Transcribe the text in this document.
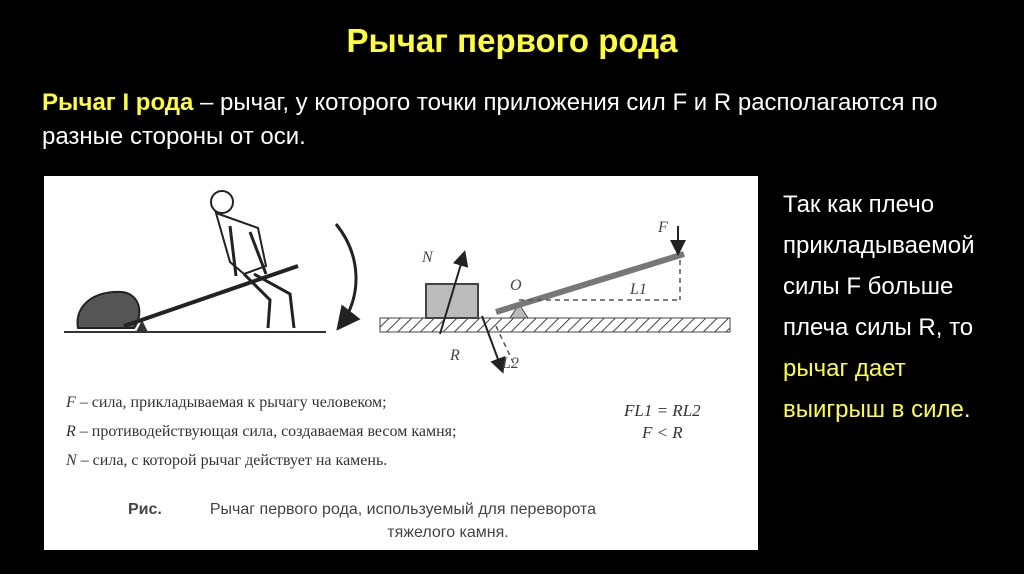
Рычаг первого рода
Рычаг I рода – рычаг, у которого точки приложения сил F и R располагаются по разные стороны от оси.
F
N
O	L1
R	L2
F – сила, прикладываемая к рычагу человеком;
R – противодействующая сила, создаваемая весом камня;
N – сила, с которой рычаг действует на камень.
FL1 = RL2
F < R
Рис.	Рычаг первого рода, используемый для переворота
тяжелого камня.
Так как плечо прикладываемой силы F больше плеча силы R, то рычаг дает выигрыш в силе.
